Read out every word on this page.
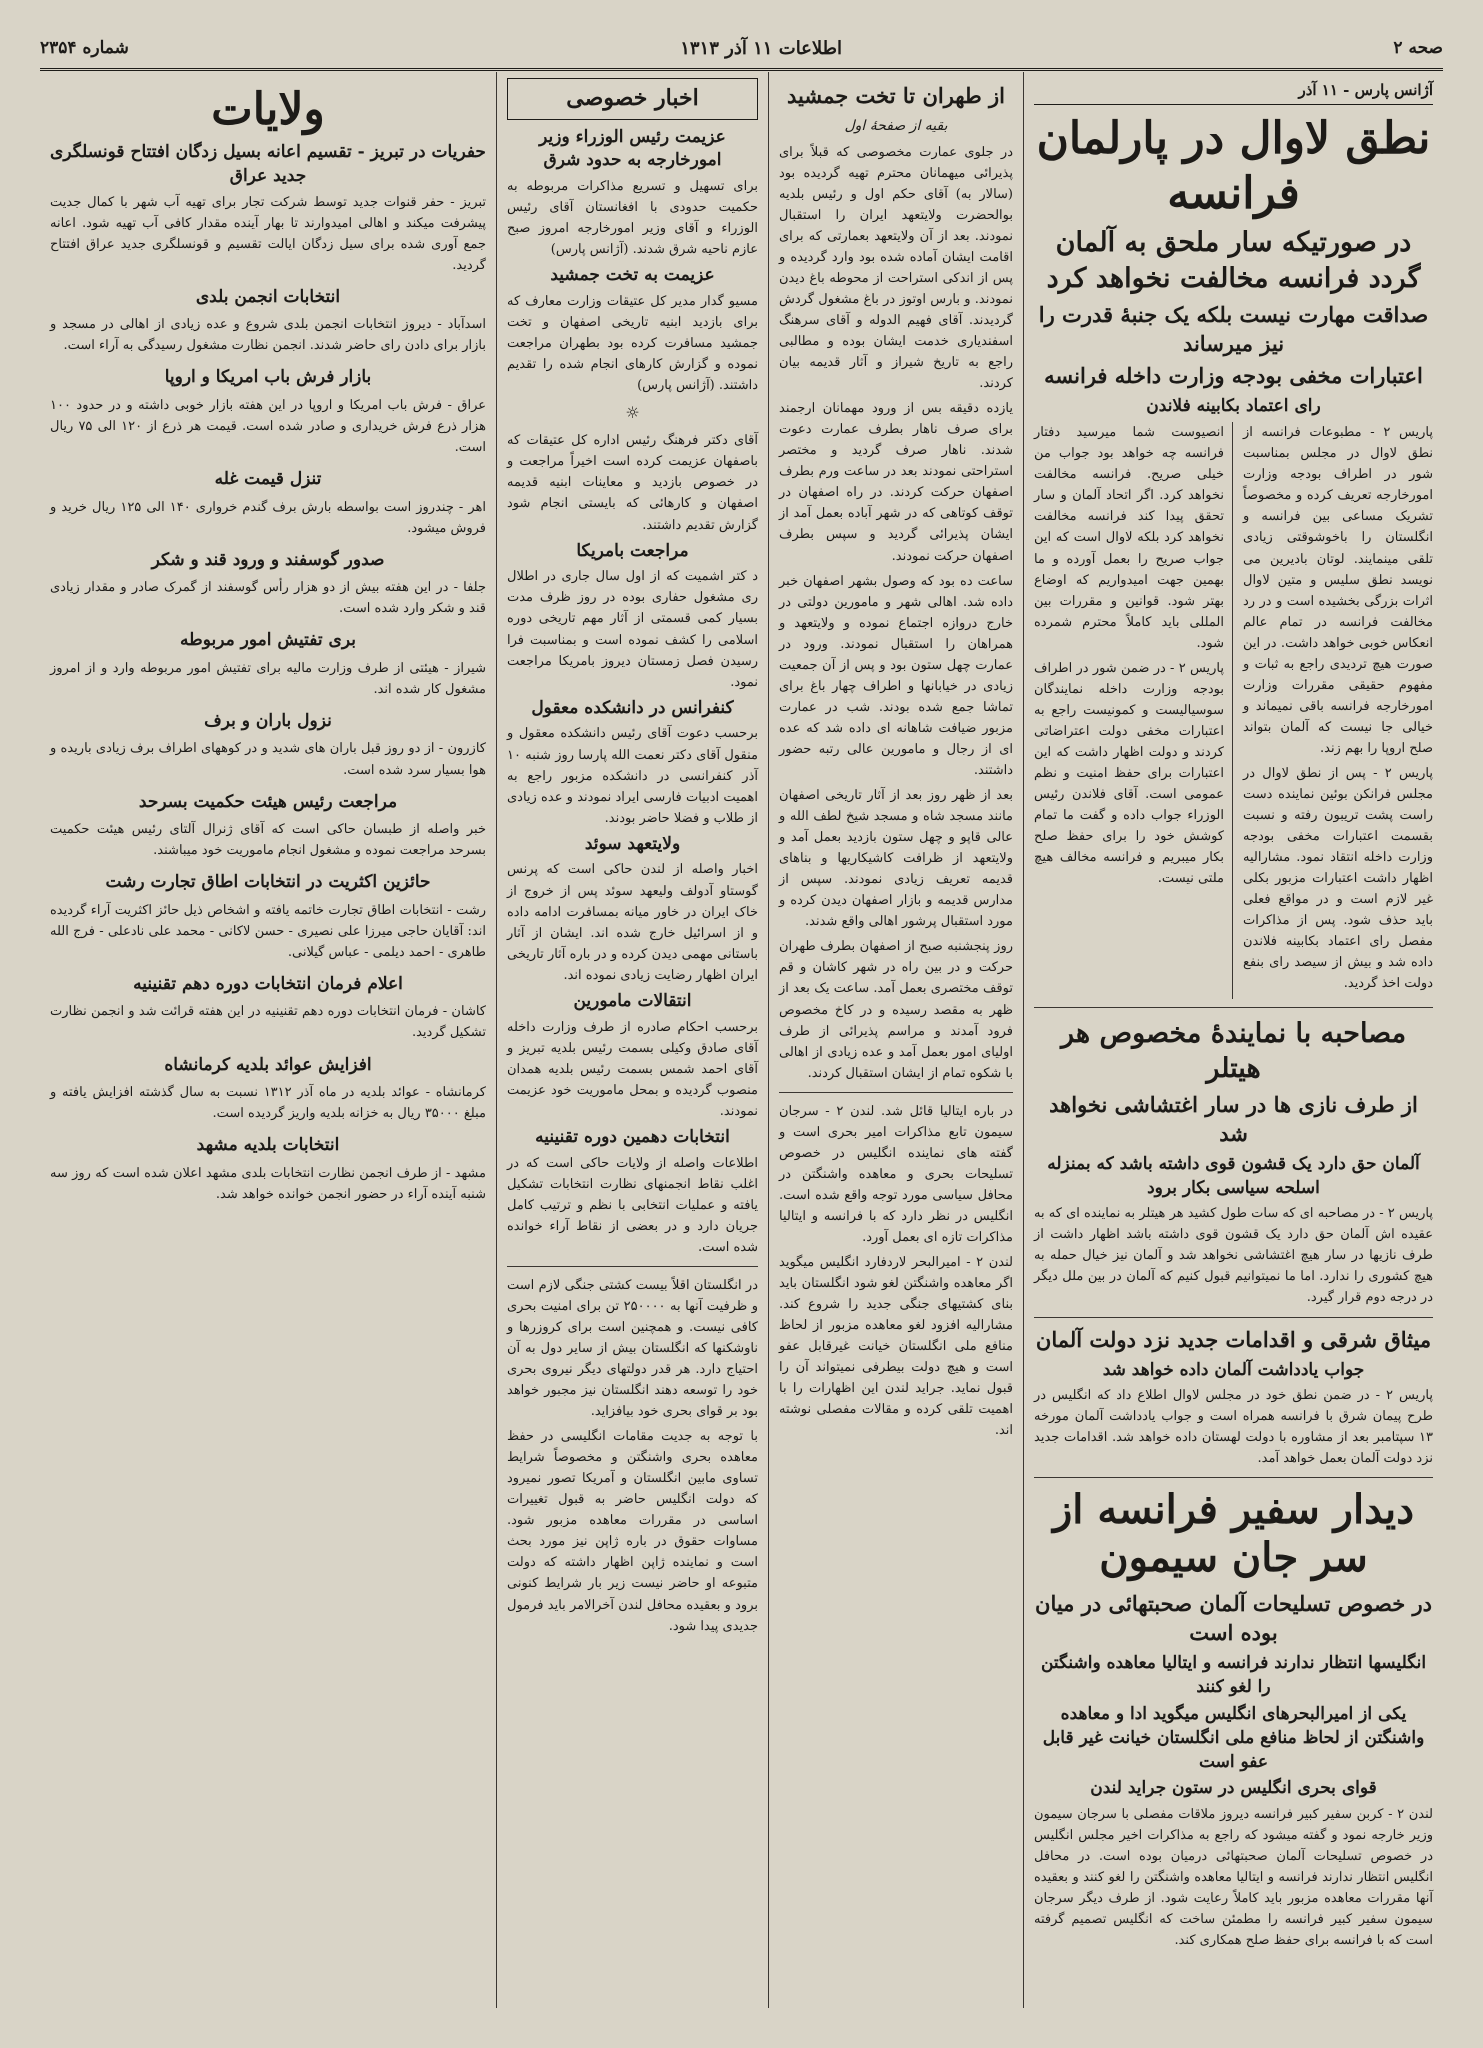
صحه ۲
اطلاعات ۱۱ آذر ۱۳۱۳
شماره ۲۳۵۴
آژانس پارس - ۱۱ آذر
نطق لاوال در پارلمان فرانسه
در صورتیکه سار ملحق به آلمان گردد فرانسه مخالفت نخواهد کرد
صداقت مهارت نیست بلکه یک جنبهٔ قدرت را نیز میرساند
اعتبارات مخفی بودجه وزارت داخله فرانسه
رای اعتماد بکابینه فلاندن

پاریس ۲ - مطبوعات فرانسه از نطق لاوال در مجلس بمناسبت شور در اطراف بودجه وزارت امورخارجه تعریف کرده و مخصوصاً تشریک مساعی بین فرانسه و انگلستان را باخوشوقتی زیادی تلقی مینمایند. لوتان بادیرین می نویسد نطق سلیس و متین لاوال اثرات بزرگی بخشیده است و در رد مخالفت فرانسه در تمام عالم انعکاس خوبی خواهد داشت. در این صورت هیچ تردیدی راجع به ثبات و مفهوم حقیقی مقررات وزارت امورخارجه فرانسه باقی نمیماند و خیالی جا نیست که آلمان بتواند صلح اروپا را بهم زند.

پاریس ۲ - پس از نطق لاوال در مجلس فرانکن بوئین نماینده دست راست پشت تریبون رفته و نسبت بقسمت اعتبارات مخفی بودجه وزارت داخله انتقاد نمود. مشارالیه اظهار داشت اعتبارات مزبور بکلی غیر لازم است و در مواقع فعلی باید حذف شود. پس از مذاکرات مفصل رای اعتماد بکابینه فلاندن داده شد و بیش از سیصد رای بنفع دولت اخذ گردید.

انصیوست شما میرسید دفتار فرانسه چه خواهد بود جواب من خیلی صریح. فرانسه مخالفت نخواهد کرد. اگر اتحاد آلمان و سار تحقق پیدا کند فرانسه مخالفت نخواهد کرد بلکه لاوال است که این جواب صریح را بعمل آورده و ما بهمین جهت امیدواریم که اوضاع بهتر شود. قوانین و مقررات بین المللی باید کاملاً محترم شمرده شود.

پاریس ۲ - در ضمن شور در اطراف بودجه وزارت داخله نمایندگان سوسیالیست و کمونیست راجع به اعتبارات مخفی دولت اعتراضاتی کردند و دولت اظهار داشت که این اعتبارات برای حفظ امنیت و نظم عمومی است. آقای فلاندن رئیس الوزراء جواب داده و گفت ما تمام کوشش خود را برای حفظ صلح بکار میبریم و فرانسه مخالف هیچ ملتی نیست.

مصاحبه با نمایندهٔ مخصوص هر هیتلر
از طرف نازی ها در سار اغتشاشی نخواهد شد
آلمان حق دارد یک قشون قوی داشته باشد که بمنزله اسلحه سیاسی بکار برود

پاریس ۲ - در مصاحبه ای که سات طول کشید هر هیتلر به نماینده ای که به عقیده اش آلمان حق دارد یک قشون قوی داشته باشد اظهار داشت از طرف نازیها در سار هیچ اغتشاشی نخواهد شد و آلمان نیز خیال حمله به هیچ کشوری را ندارد. اما ما نمیتوانیم قبول کنیم که آلمان در بین ملل دیگر در درجه دوم قرار گیرد.

میثاق شرقی و اقدامات جدید نزد دولت آلمان
جواب یادداشت آلمان داده خواهد شد

پاریس ۲ - در ضمن نطق خود در مجلس لاوال اطلاع داد که انگلیس در طرح پیمان شرق با فرانسه همراه است و جواب یادداشت آلمان مورخه ۱۳ سپتامبر بعد از مشاوره با دولت لهستان داده خواهد شد. اقدامات جدید نزد دولت آلمان بعمل خواهد آمد.

دیدار سفیر فرانسه از سر جان سیمون
در خصوص تسلیحات آلمان صحبتهائی در میان بوده است
انگلیسها انتظار ندارند فرانسه و ایتالیا معاهده واشنگتن را لغو کنند
یکی از امیرالبحرهای انگلیس میگوید ادا و معاهده واشنگتن از لحاظ منافع ملی انگلستان خیانت غیر قابل عفو است
قوای بحری انگلیس در ستون جراید لندن

لندن ۲ - کربن سفیر کبیر فرانسه دیروز ملاقات مفصلی با سرجان سیمون وزیر خارجه نمود و گفته میشود که راجع به مذاکرات اخیر مجلس انگلیس در خصوص تسلیحات آلمان صحبتهائی درمیان بوده است. در محافل انگلیس انتظار ندارند فرانسه و ایتالیا معاهده واشنگتن را لغو کنند و بعقیده آنها مقررات معاهده مزبور باید کاملاً رعایت شود. از طرف دیگر سرجان سیمون سفیر کبیر فرانسه را مطمئن ساخت که انگلیس تصمیم گرفته است که با فرانسه برای حفظ صلح همکاری کند.

از طهران تا تخت جمشید
بقیه از صفحهٔ اول

در جلوی عمارت مخصوصی که قبلاً برای پذیرائی میهمانان محترم تهیه گردیده بود (سالار به) آقای حکم اول و رئیس بلدیه بوالحضرت ولایتعهد ایران را استقبال نمودند. بعد از آن ولایتعهد بعمارتی که برای اقامت ایشان آماده شده بود وارد گردیده و پس از اندکی استراحت از محوطه باغ دیدن نمودند. و بارس اوتوز در باغ مشغول گردش گردیدند. آقای فهیم الدوله و آقای سرهنگ اسفندیاری خدمت ایشان بوده و مطالبی راجع به تاریخ شیراز و آثار قدیمه بیان کردند.

یازده دقیقه بس از ورود مهمانان ارجمند برای صرف ناهار بطرف عمارت دعوت شدند. ناهار صرف گردید و مختصر استراحتی نمودند بعد در ساعت ورم بطرف اصفهان حرکت کردند. در راه اصفهان در توقف کوتاهی که در شهر آباده بعمل آمد از ایشان پذیرائی گردید و سپس بطرف اصفهان حرکت نمودند.

ساعت ده بود که وصول بشهر اصفهان خبر داده شد. اهالی شهر و مامورین دولتی در خارج دروازه اجتماع نموده و ولایتعهد و همراهان را استقبال نمودند. ورود در عمارت چهل ستون بود و پس از آن جمعیت زیادی در خیابانها و اطراف چهار باغ برای تماشا جمع شده بودند. شب در عمارت مزبور ضیافت شاهانه ای داده شد که عده ای از رجال و مامورین عالی رتبه حضور داشتند.

بعد از ظهر روز بعد از آثار تاریخی اصفهان مانند مسجد شاه و مسجد شیخ لطف الله و عالی قاپو و چهل ستون بازدید بعمل آمد و ولایتعهد از ظرافت کاشیکاریها و بناهای قدیمه تعریف زیادی نمودند. سپس از مدارس قدیمه و بازار اصفهان دیدن کرده و مورد استقبال پرشور اهالی واقع شدند.

روز پنجشنبه صبح از اصفهان بطرف طهران حرکت و در بین راه در شهر کاشان و قم توقف مختصری بعمل آمد. ساعت یک بعد از ظهر به مقصد رسیده و در کاخ مخصوص فرود آمدند و مراسم پذیرائی از طرف اولیای امور بعمل آمد و عده زیادی از اهالی با شکوه تمام از ایشان استقبال کردند.

در باره ایتالیا قائل شد. لندن ۲ - سرجان سیمون تابع مذاکرات امیر بحری است و گفته های نماینده انگلیس در خصوص تسلیحات بحری و معاهده واشنگتن در محافل سیاسی مورد توجه واقع شده است. انگلیس در نظر دارد که با فرانسه و ایتالیا مذاکرات تازه ای بعمل آورد.

لندن ۲ - امیرالبحر لاردفارد انگلیس میگوید اگر معاهده واشنگتن لغو شود انگلستان باید بنای کشتیهای جنگی جدید را شروع کند. مشارالیه افزود لغو معاهده مزبور از لحاظ منافع ملی انگلستان خیانت غیرقابل عفو است و هیچ دولت بیطرفی نمیتواند آن را قبول نماید. جراید لندن این اظهارات را با اهمیت تلقی کرده و مقالات مفصلی نوشته اند.

اخبار خصوصی
عزیمت رئیس الوزراء وزیر امورخارجه به حدود شرق

برای تسهیل و تسریع مذاکرات مربوطه به حکمیت حدودی با افغانستان آقای رئیس الوزراء و آقای وزیر امورخارجه امروز صبح عازم ناحیه شرق شدند. (آژانس پارس)

عزیمت به تخت جمشید

مسیو گدار مدیر کل عتیقات وزارت معارف که برای بازدید ابنیه تاریخی اصفهان و تخت جمشید مسافرت کرده بود بطهران مراجعت نموده و گزارش کارهای انجام شده را تقدیم داشتند. (آژانس پارس)

☼

آقای دکتر فرهنگ رئیس اداره کل عتیقات که باصفهان عزیمت کرده است اخیراً مراجعت و در خصوص بازدید و معاینات ابنیه قدیمه اصفهان و کارهائی که بایستی انجام شود گزارش تقدیم داشتند.

مراجعت بامریکا

د کتر اشمیت که از اول سال جاری در اطلال ری مشغول حفاری بوده در روز ظرف مدت بسیار کمی قسمتی از آثار مهم تاریخی دوره اسلامی را کشف نموده است و بمناسبت فرا رسیدن فصل زمستان دیروز بامریکا مراجعت نمود.

کنفرانس در دانشکده معقول

برحسب دعوت آقای رئیس دانشکده معقول و منقول آقای دکتر نعمت الله پارسا روز شنبه ۱۰ آذر کنفرانسی در دانشکده مزبور راجع به اهمیت ادبیات فارسی ایراد نمودند و عده زیادی از طلاب و فضلا حاضر بودند.

ولایتعهد سوئد

اخبار واصله از لندن حاکی است که پرنس گوستاو آدولف ولیعهد سوئد پس از خروج از خاک ایران در خاور میانه بمسافرت ادامه داده و از اسرائیل خارج شده اند. ایشان از آثار باستانی مهمی دیدن کرده و در باره آثار تاریخی ایران اظهار رضایت زیادی نموده اند.

انتقالات مامورین

برحسب احکام صادره از طرف وزارت داخله آقای صادق وکیلی بسمت رئیس بلدیه تبریز و آقای احمد شمس بسمت رئیس بلدیه همدان منصوب گردیده و بمحل ماموریت خود عزیمت نمودند.

انتخابات دهمین دوره تقنینیه

اطلاعات واصله از ولایات حاکی است که در اغلب نقاط انجمنهای نظارت انتخابات تشکیل یافته و عملیات انتخابی با نظم و ترتیب کامل جریان دارد و در بعضی از نقاط آراء خوانده شده است.

در انگلستان اقلاً بیست کشتی جنگی لازم است و ظرفیت آنها به ۲۵۰۰۰۰ تن برای امنیت بحری کافی نیست. و همچنین است برای کروزرها و ناوشکنها که انگلستان بیش از سایر دول به آن احتیاج دارد. هر قدر دولتهای دیگر نیروی بحری خود را توسعه دهند انگلستان نیز مجبور خواهد بود بر قوای بحری خود بیافزاید.

با توجه به جدیت مقامات انگلیسی در حفظ معاهده بحری واشنگتن و مخصوصاً شرایط تساوی مابین انگلستان و آمریکا تصور نمیرود که دولت انگلیس حاضر به قبول تغییرات اساسی در مقررات معاهده مزبور شود. مساوات حقوق در باره ژاپن نیز مورد بحث است و نماینده ژاپن اظهار داشته که دولت متبوعه او حاضر نیست زیر بار شرایط کنونی برود و بعقیده محافل لندن آخرالامر باید فرمول جدیدی پیدا شود.

ولایات
حفریات در تبریز - تقسیم اعانه بسیل زدگان افتتاح قونسلگری جدید عراق

تبریز - حفر قنوات جدید توسط شرکت تجار برای تهیه آب شهر با کمال جدیت پیشرفت میکند و اهالی امیدوارند تا بهار آینده مقدار کافی آب تهیه شود. اعانه جمع آوری شده برای سیل زدگان ایالت تقسیم و قونسلگری جدید عراق افتتاح گردید.

انتخابات انجمن بلدی

اسدآباد - دیروز انتخابات انجمن بلدی شروع و عده زیادی از اهالی در مسجد و بازار برای دادن رای حاضر شدند. انجمن نظارت مشغول رسیدگی به آراء است.

بازار فرش باب امریکا و اروپا

عراق - فرش باب امریکا و اروپا در این هفته بازار خوبی داشته و در حدود ۱۰۰ هزار ذرع فرش خریداری و صادر شده است. قیمت هر ذرع از ۱۲۰ الی ۷۵ ریال است.

تنزل قیمت غله

اهر - چندروز است بواسطه بارش برف گندم خرواری ۱۴۰ الی ۱۲۵ ریال خرید و فروش میشود.

صدور گوسفند و ورود قند و شکر

جلفا - در این هفته بیش از دو هزار رأس گوسفند از گمرک صادر و مقدار زیادی قند و شکر وارد شده است.

بری تفتیش امور مربوطه

شیراز - هیئتی از طرف وزارت مالیه برای تفتیش امور مربوطه وارد و از امروز مشغول کار شده اند.

نزول باران و برف

کازرون - از دو روز قبل باران های شدید و در کوههای اطراف برف زیادی باریده و هوا بسیار سرد شده است.

مراجعت رئیس هیئت حکمیت بسرحد

خبر واصله از طبسان حاکی است که آقای ژنرال آلتای رئیس هیئت حکمیت بسرحد مراجعت نموده و مشغول انجام ماموریت خود میباشند.

حائزین اکثریت در انتخابات اطاق تجارت رشت

رشت - انتخابات اطاق تجارت خاتمه یافته و اشخاص ذیل حائز اکثریت آراء گردیده اند: آقایان حاجی میرزا علی نصیری - حسن لاکانی - محمد علی نادعلی - فرج الله طاهری - احمد دیلمی - عباس گیلانی.

اعلام فرمان انتخابات دوره دهم تقنینیه

کاشان - فرمان انتخابات دوره دهم تقنینیه در این هفته قرائت شد و انجمن نظارت تشکیل گردید.

افزایش عوائد بلدیه کرمانشاه

کرمانشاه - عوائد بلدیه در ماه آذر ۱۳۱۲ نسبت به سال گذشته افزایش یافته و مبلغ ۳۵۰۰۰ ریال به خزانه بلدیه واریز گردیده است.

انتخابات بلدیه مشهد

مشهد - از طرف انجمن نظارت انتخابات بلدی مشهد اعلان شده است که روز سه شنبه آینده آراء در حضور انجمن خوانده خواهد شد.
